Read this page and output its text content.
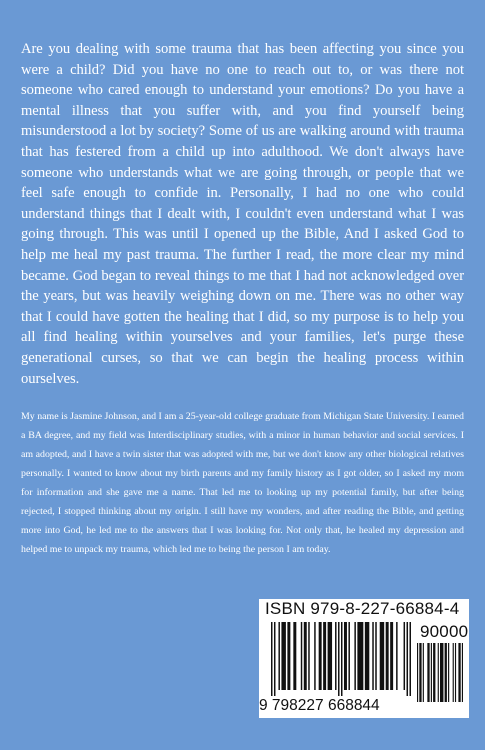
Are you dealing with some trauma that has been affecting you since you were a child? Did you have no one to reach out to, or was there not someone who cared enough to understand your emotions? Do you have a mental illness that you suffer with, and you find yourself being misunderstood a lot by society? Some of us are walking around with trauma that has festered from a child up into adulthood. We don't always have someone who understands what we are going through, or people that we feel safe enough to confide in. Personally, I had no one who could understand things that I dealt with, I couldn't even understand what I was going through. This was until I opened up the Bible, And I asked God to help me heal my past trauma. The further I read, the more clear my mind became. God began to reveal things to me that I had not acknowledged over the years, but was heavily weighing down on me. There was no other way that I could have gotten the healing that I did, so my purpose is to help you all find healing within yourselves and your families, let's purge these generational curses, so that we can begin the healing process within ourselves.

My name is Jasmine Johnson, and I am a 25-year-old college graduate from Michigan State University. I earned a BA degree, and my field was Interdisciplinary studies, with a minor in human behavior and social services. I am adopted, and I have a twin sister that was adopted with me, but we don't know any other biological relatives personally. I wanted to know about my birth parents and my family history as I got older, so I asked my mom for information and she gave me a name. That led me to looking up my potential family, but after being rejected, I stopped thinking about my origin. I still have my wonders, and after reading the Bible, and getting more into God, he led me to the answers that I was looking for. Not only that, he healed my depression and helped me to unpack my trauma, which led me to being the person I am today.

ISBN 979-8-227-66884-4
90000
9 798227 668844
